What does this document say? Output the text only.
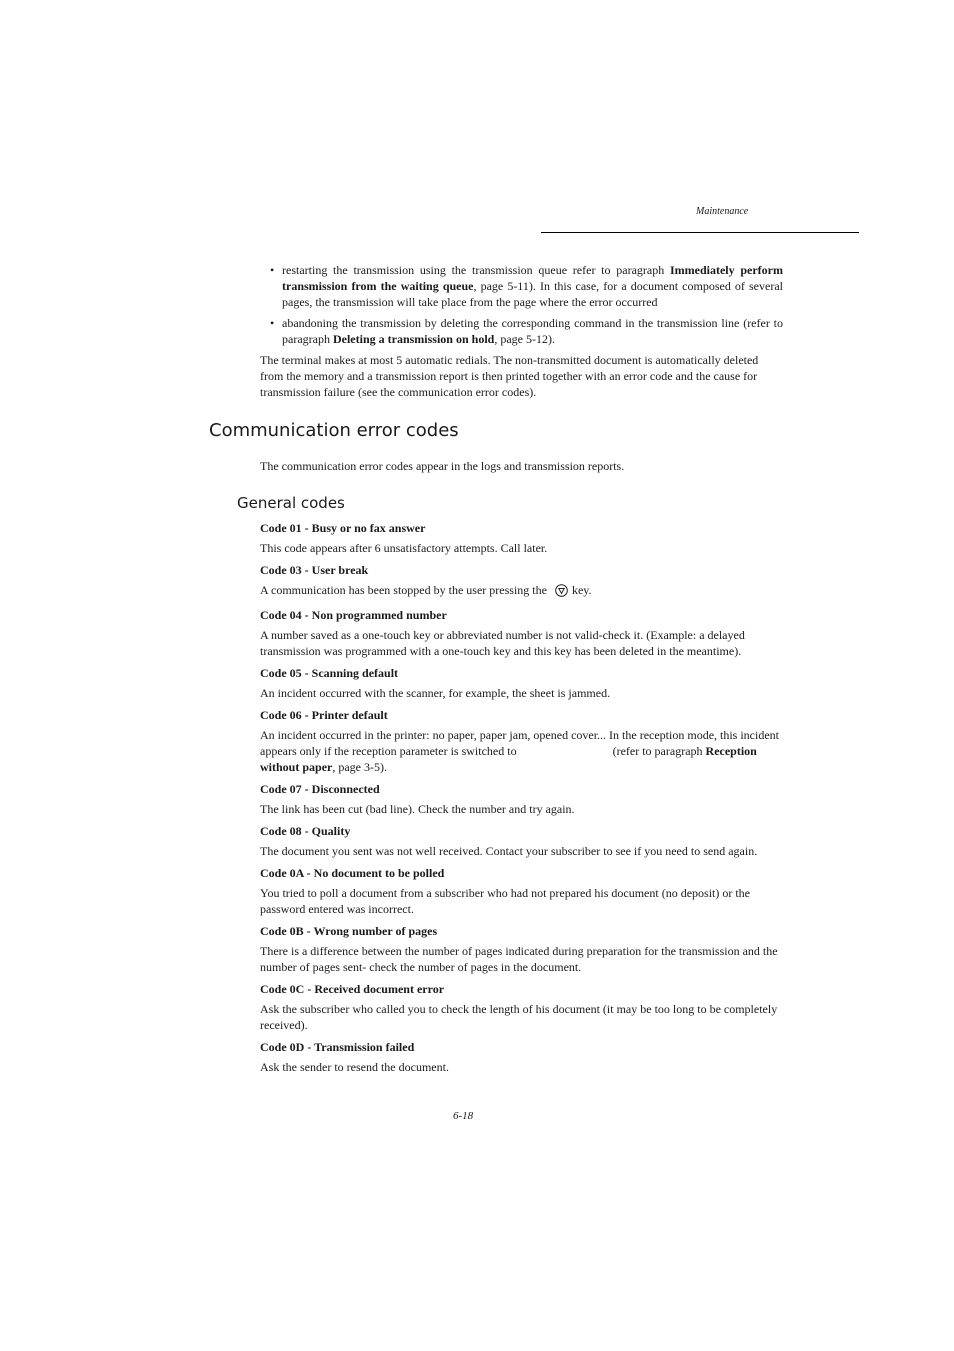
Maintenance
• restarting the transmission using the transmission queue refer to paragraph Immediately perform transmission from the waiting queue, page 5-11). In this case, for a document composed of several pages, the transmission will take place from the page where the error occurred
• abandoning the transmission by deleting the corresponding command in the transmission line (refer to paragraph Deleting a transmission on hold, page 5-12).

The terminal makes at most 5 automatic redials. The non-transmitted document is automatically deleted from the memory and a transmission report is then printed together with an error code and the cause for transmission failure (see the communication error codes).

Communication error codes
The communication error codes appear in the logs and transmission reports.
General codes
Code 01 - Busy or no fax answer
This code appears after 6 unsatisfactory attempts. Call later.
Code 03 - User break
A communication has been stopped by the user pressing the key.
Code 04 - Non programmed number
A number saved as a one-touch key or abbreviated number is not valid-check it. (Example: a delayed transmission was programmed with a one-touch key and this key has been deleted in the meantime).
Code 05 - Scanning default
An incident occurred with the scanner, for example, the sheet is jammed.
Code 06 - Printer default
An incident occurred in the printer: no paper, paper jam, opened cover... In the reception mode, this incident appears only if the reception parameter is switched to	(refer to paragraph Reception without paper, page 3-5).
Code 07 - Disconnected
The link has been cut (bad line). Check the number and try again.
Code 08 - Quality
The document you sent was not well received. Contact your subscriber to see if you need to send again.
Code 0A - No document to be polled
You tried to poll a document from a subscriber who had not prepared his document (no deposit) or the password entered was incorrect.
Code 0B - Wrong number of pages
There is a difference between the number of pages indicated during preparation for the transmission and the number of pages sent- check the number of pages in the document.
Code 0C - Received document error
Ask the subscriber who called you to check the length of his document (it may be too long to be completely received).
Code 0D - Transmission failed
Ask the sender to resend the document.
6-18
